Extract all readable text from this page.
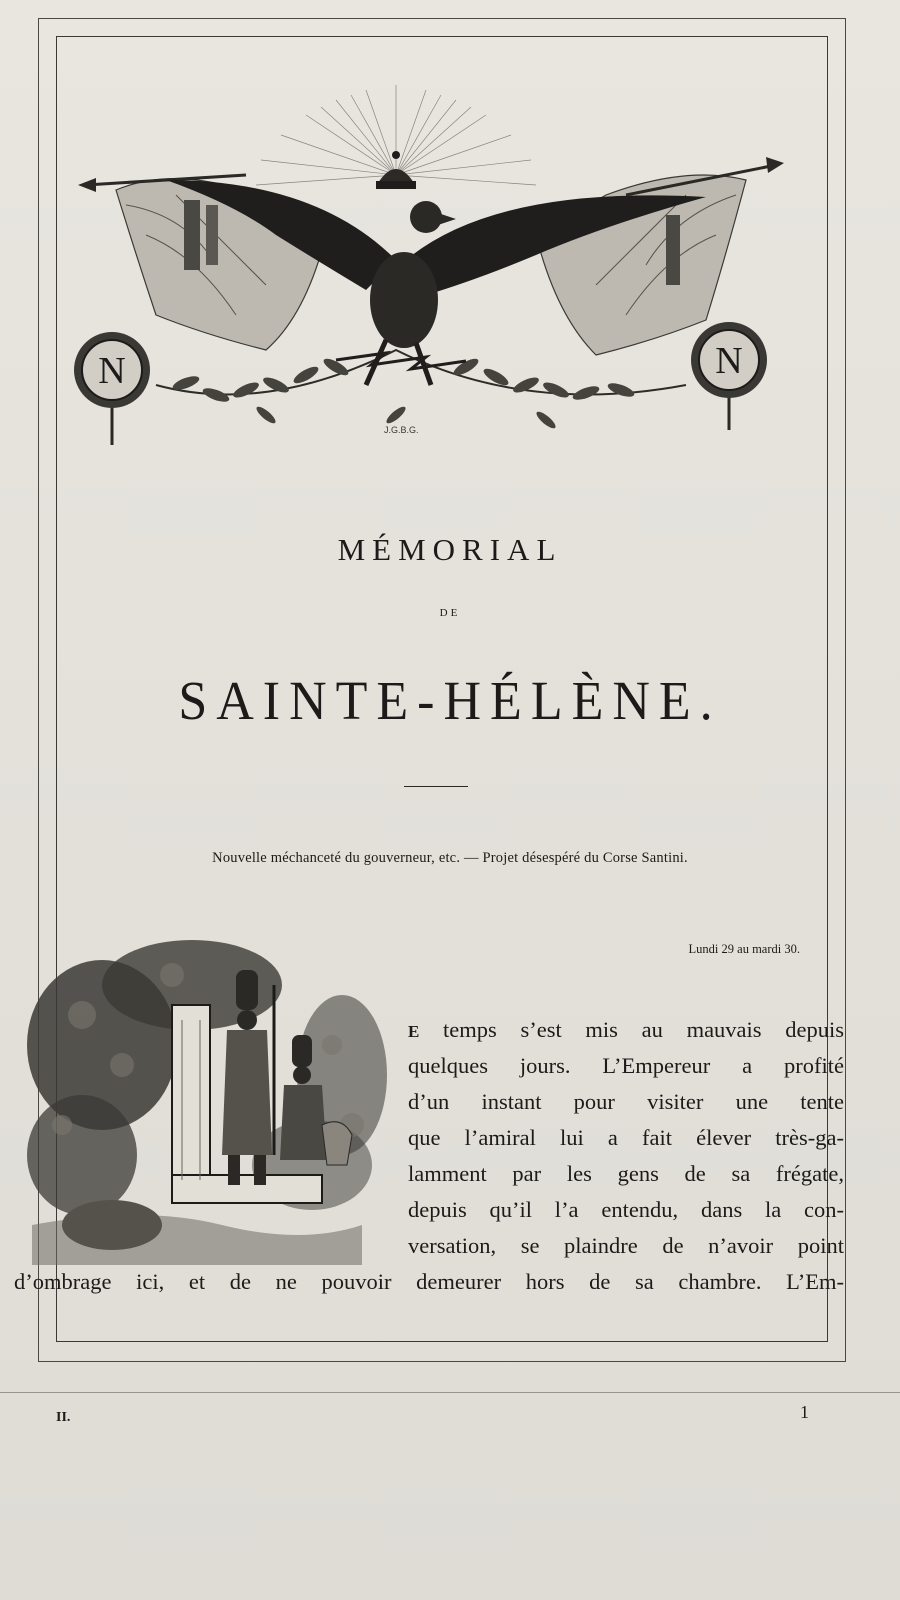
N	N
J.G.B.G.
MÉMORIAL
DE
SAINTE-HÉLÈNE.
Nouvelle méchanceté du gouverneur, etc. — Projet désespéré du Corse Santini.
Lundi 29 au mardi 30.
E temps s’est mis au mauvais depuis
quelques jours. L’Empereur a profité
d’un instant pour visiter une tente
que l’amiral lui a fait élever très-ga-
lamment par les gens de sa frégate,
depuis qu’il l’a entendu, dans la con-
versation, se plaindre de n’avoir point
d’ombrage ici, et de ne pouvoir demeurer hors de sa chambre. L’Em-
II.	1
